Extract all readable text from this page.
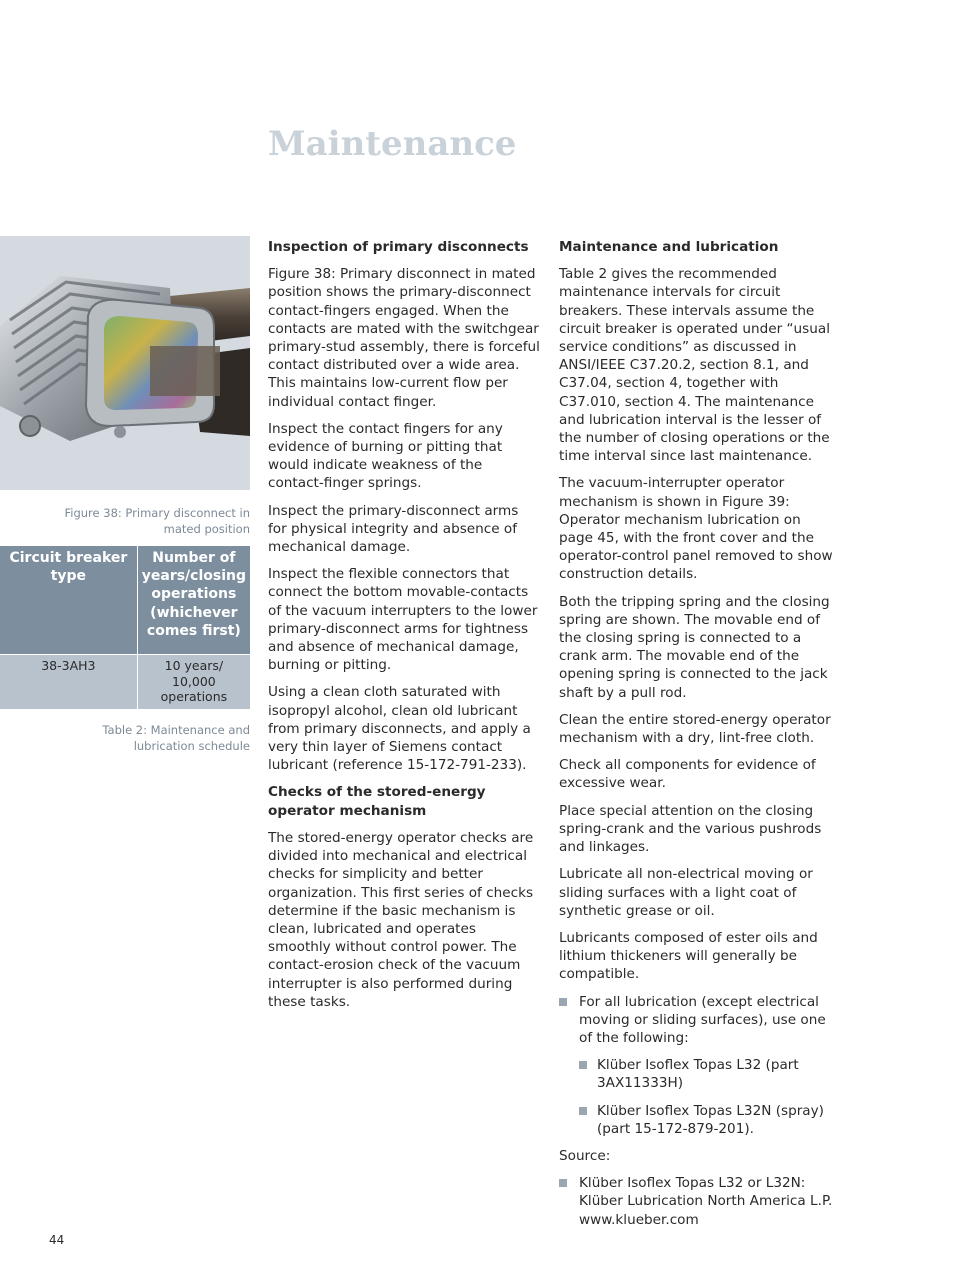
Maintenance
Figure 38: Primary disconnect in mated position
Circuit breaker type	Number of years/closing operations (whichever comes first)
38-3AH3	10 years/ 10,000 operations
Table 2: Maintenance and lubrication schedule
Inspection of primary disconnects

Figure 38: Primary disconnect in mated position shows the primary-disconnect contact-fingers engaged. When the contacts are mated with the switchgear primary-stud assembly, there is forceful contact distributed over a wide area. This maintains low-current flow per individual contact finger.

Inspect the contact fingers for any evidence of burning or pitting that would indicate weakness of the contact-finger springs.

Inspect the primary-disconnect arms for physical integrity and absence of mechanical damage.

Inspect the flexible connectors that connect the bottom movable-contacts of the vacuum interrupters to the lower primary-disconnect arms for tightness and absence of mechanical damage, burning or pitting.

Using a clean cloth saturated with isopropyl alcohol, clean old lubricant from primary disconnects, and apply a very thin layer of Siemens contact lubricant (reference 15-172-791-233).

Checks of the stored-energy operator mechanism

The stored-energy operator checks are divided into mechanical and electrical checks for simplicity and better organization. This first series of checks determine if the basic mechanism is clean, lubricated and operates smoothly without control power. The contact-erosion check of the vacuum interrupter is also performed during these tasks.

Maintenance and lubrication

Table 2 gives the recommended maintenance intervals for circuit breakers. These intervals assume the circuit breaker is operated under “usual service conditions” as discussed in ANSI/IEEE C37.20.2, section 8.1, and C37.04, section 4, together with C37.010, section 4. The maintenance and lubrication interval is the lesser of the number of closing operations or the time interval since last maintenance.

The vacuum-interrupter operator mechanism is shown in Figure 39: Operator mechanism lubrication on page 45, with the front cover and the operator-control panel removed to show construction details.

Both the tripping spring and the closing spring are shown. The movable end of the closing spring is connected to a crank arm. The movable end of the opening spring is connected to the jack shaft by a pull rod.

Clean the entire stored-energy operator mechanism with a dry, lint-free cloth.

Check all components for evidence of excessive wear.

Place special attention on the closing spring-crank and the various pushrods and linkages.

Lubricate all non-electrical moving or sliding surfaces with a light coat of synthetic grease or oil.

Lubricants composed of ester oils and lithium thickeners will generally be compatible.

For all lubrication (except electrical moving or sliding surfaces), use one of the following:
Klüber Isoflex Topas L32 (part 3AX11333H)
Klüber Isoflex Topas L32N (spray) (part 15-172-879-201).

Source:

Klüber Isoflex Topas L32 or L32N: Klüber Lubrication North America L.P. www.klueber.com
44
